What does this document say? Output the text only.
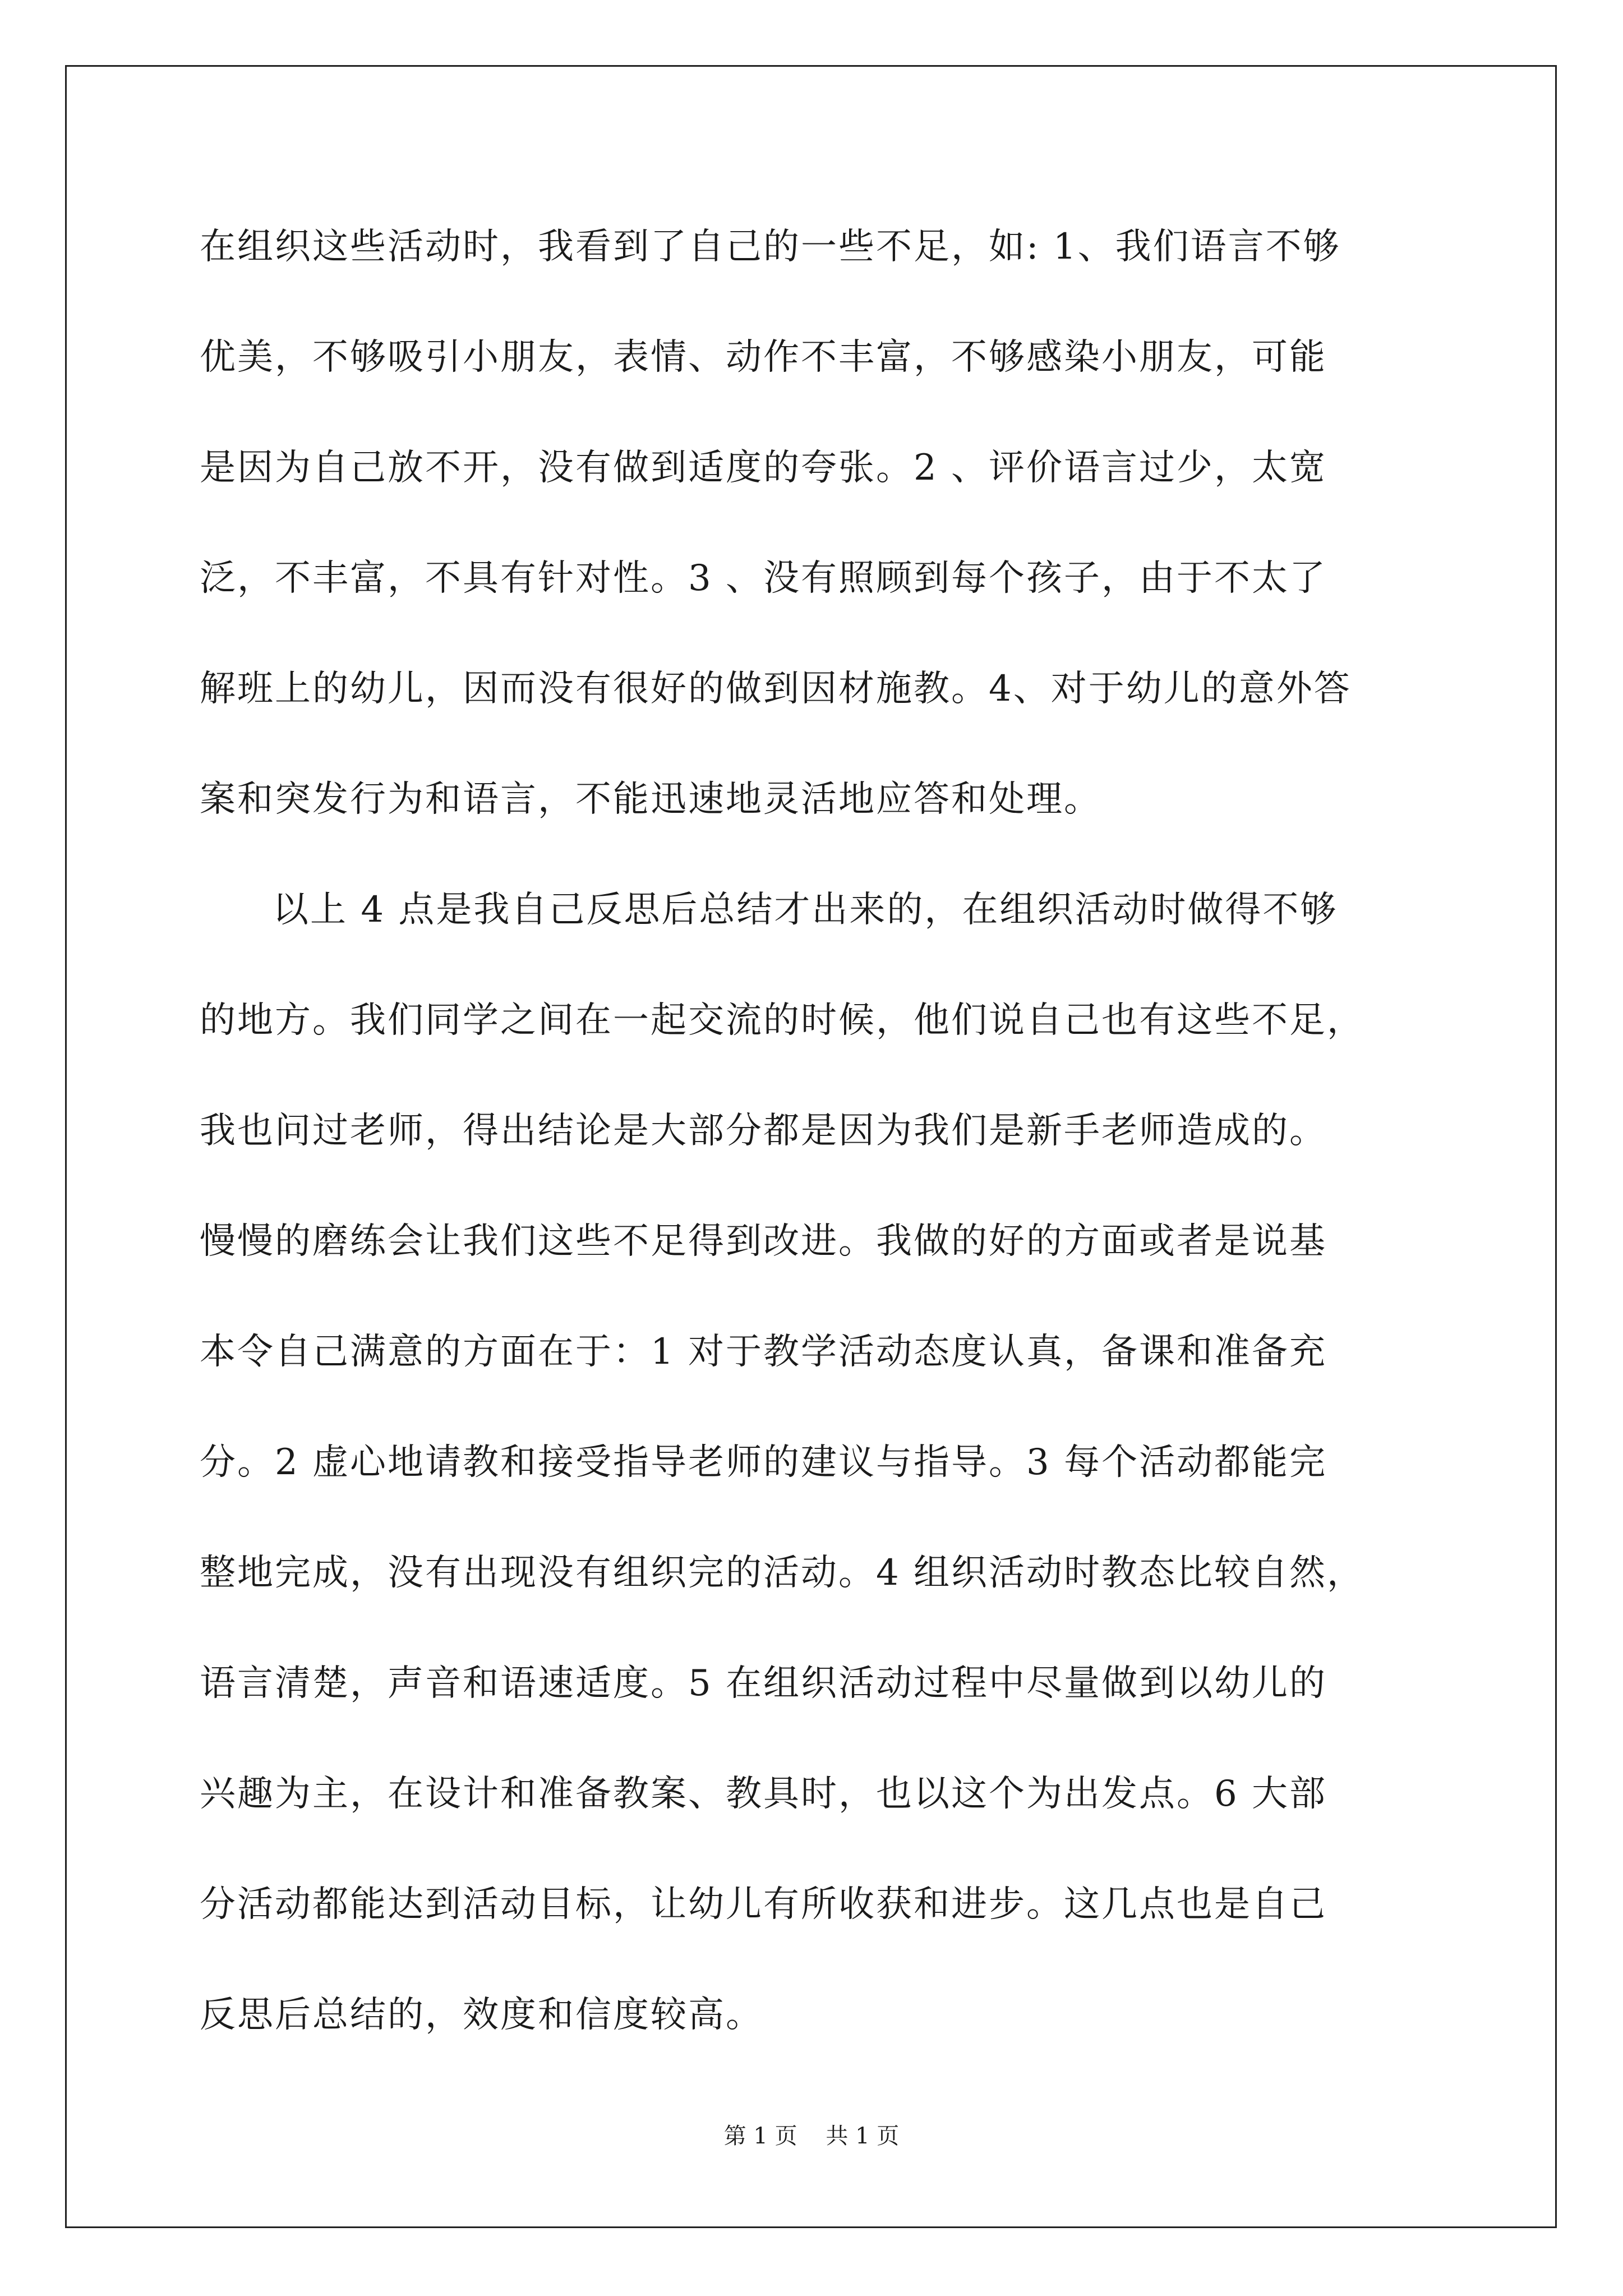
在组织这些活动时，我看到了自己的一些不足，如: 1、我们语言不够
优美，不够吸引小朋友，表情、动作不丰富，不够感染小朋友，可能
是因为自己放不开，没有做到适度的夸张。2 、评价语言过少，太宽
泛，不丰富，不具有针对性。3 、没有照顾到每个孩子，由于不太了
解班上的幼儿，因而没有很好的做到因材施教。4、对于幼儿的意外答
案和突发行为和语言，不能迅速地灵活地应答和处理。
以上 4 点是我自己反思后总结才出来的，在组织活动时做得不够
的地方。我们同学之间在一起交流的时候，他们说自己也有这些不足，
我也问过老师，得出结论是大部分都是因为我们是新手老师造成的。
慢慢的磨练会让我们这些不足得到改进。我做的好的方面或者是说基
本令自己满意的方面在于：1 对于教学活动态度认真，备课和准备充
分。2 虚心地请教和接受指导老师的建议与指导。3 每个活动都能完
整地完成，没有出现没有组织完的活动。4 组织活动时教态比较自然，
语言清楚，声音和语速适度。5 在组织活动过程中尽量做到以幼儿的
兴趣为主，在设计和准备教案、教具时，也以这个为出发点。6 大部
分活动都能达到活动目标，让幼儿有所收获和进步。这几点也是自己
反思后总结的，效度和信度较高。
第 1 页    共 1 页
